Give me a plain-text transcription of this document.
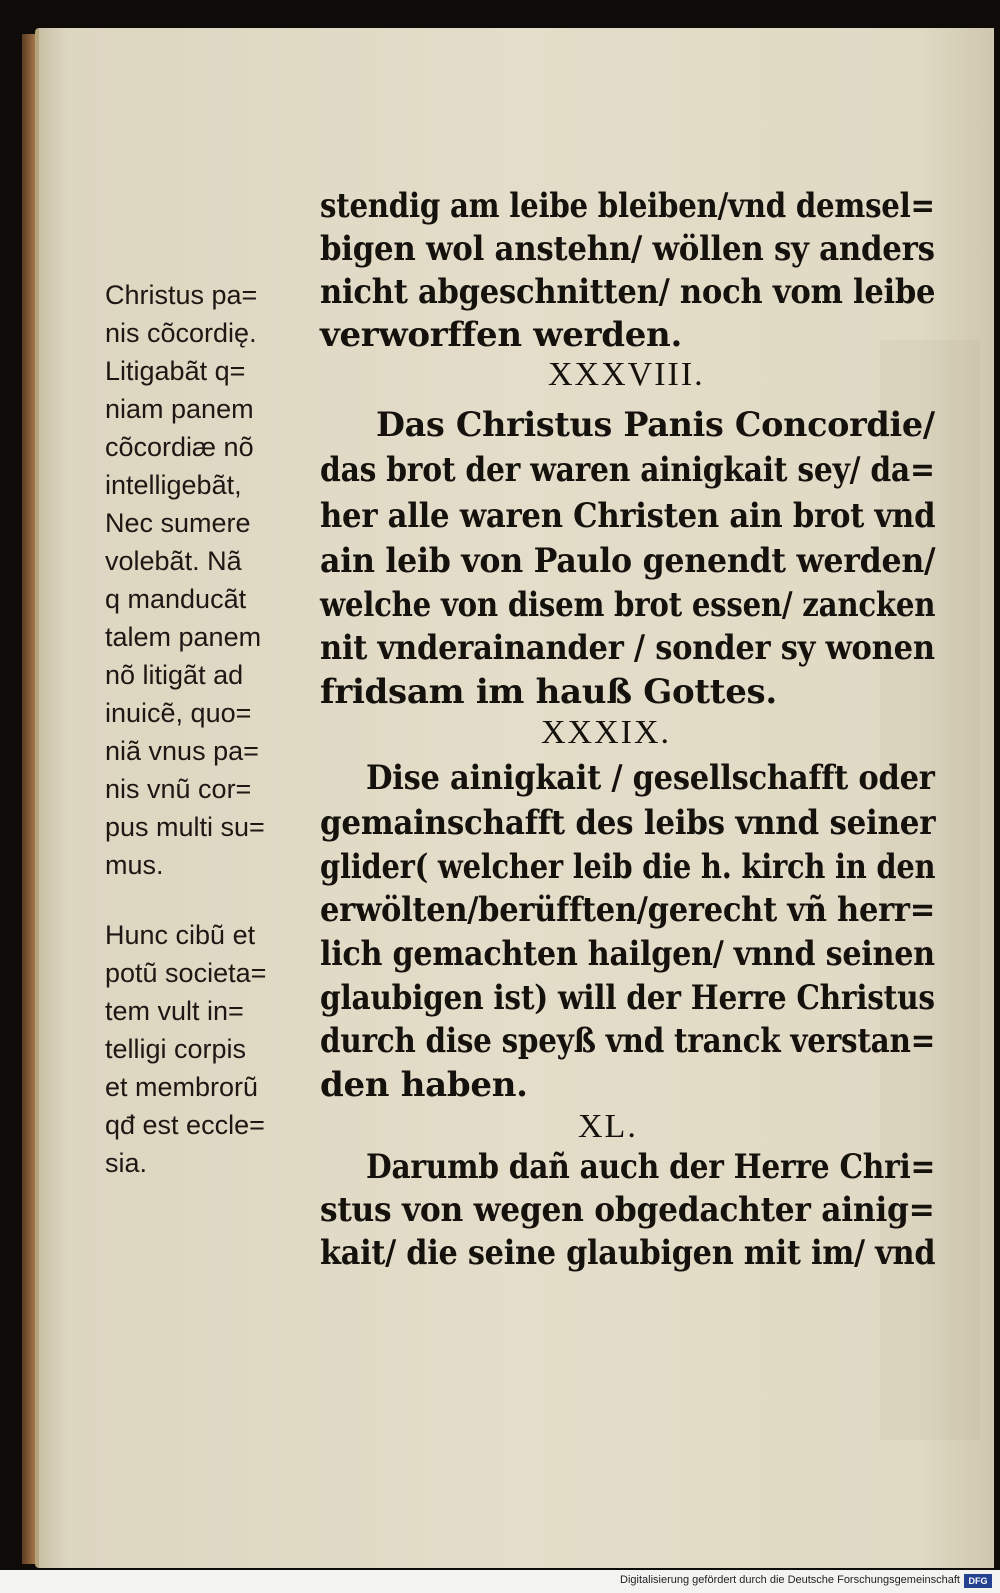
stendig am leibe bleiben/vnd demsel=
bigen wol anstehn/ wöllen sy anders
nicht abgeschnitten/ noch vom leibe
verworffen werden.
XXXVIII.
Das Christus Panis Concordie/
das brot der waren ainigkait sey/ da=
her alle waren Christen ain brot vnd
ain leib von Paulo genendt werden/
welche von disem brot essen/ zancken
nit vnderainander / sonder sy wonen
fridsam im hauß Gottes.
XXXIX.
Dise ainigkait / gesellschafft oder
gemainschafft des leibs vnnd seiner
glider( welcher leib die h. kirch in den
erwölten/berüfften/gerecht vñ herr=
lich gemachten hailgen/ vnnd seinen
glaubigen ist) will der Herre Christus
durch dise speyß vnd tranck verstan=
den haben.
XL.
Darumb dañ auch der Herre Chri=
stus von wegen obgedachter ainig=
kait/ die seine glaubigen mit im/ vnd
Christus pa=
nis cõcordię.
Litigabãt q=
niam panem
cõcordiæ nõ
intelligebãt,
Nec sumere
volebãt. Nã
q manducãt
talem panem
nõ litigãt ad
inuicẽ, quo=
niã vnus pa=
nis vnũ cor=
pus multi su=
mus.
Hunc cibũ et
potũ societa=
tem vult in=
telligi corpis
et membrorũ
qđ est eccle=
sia.
Digitalisierung gefördert durch die Deutsche Forschungsgemeinschaft DFG
